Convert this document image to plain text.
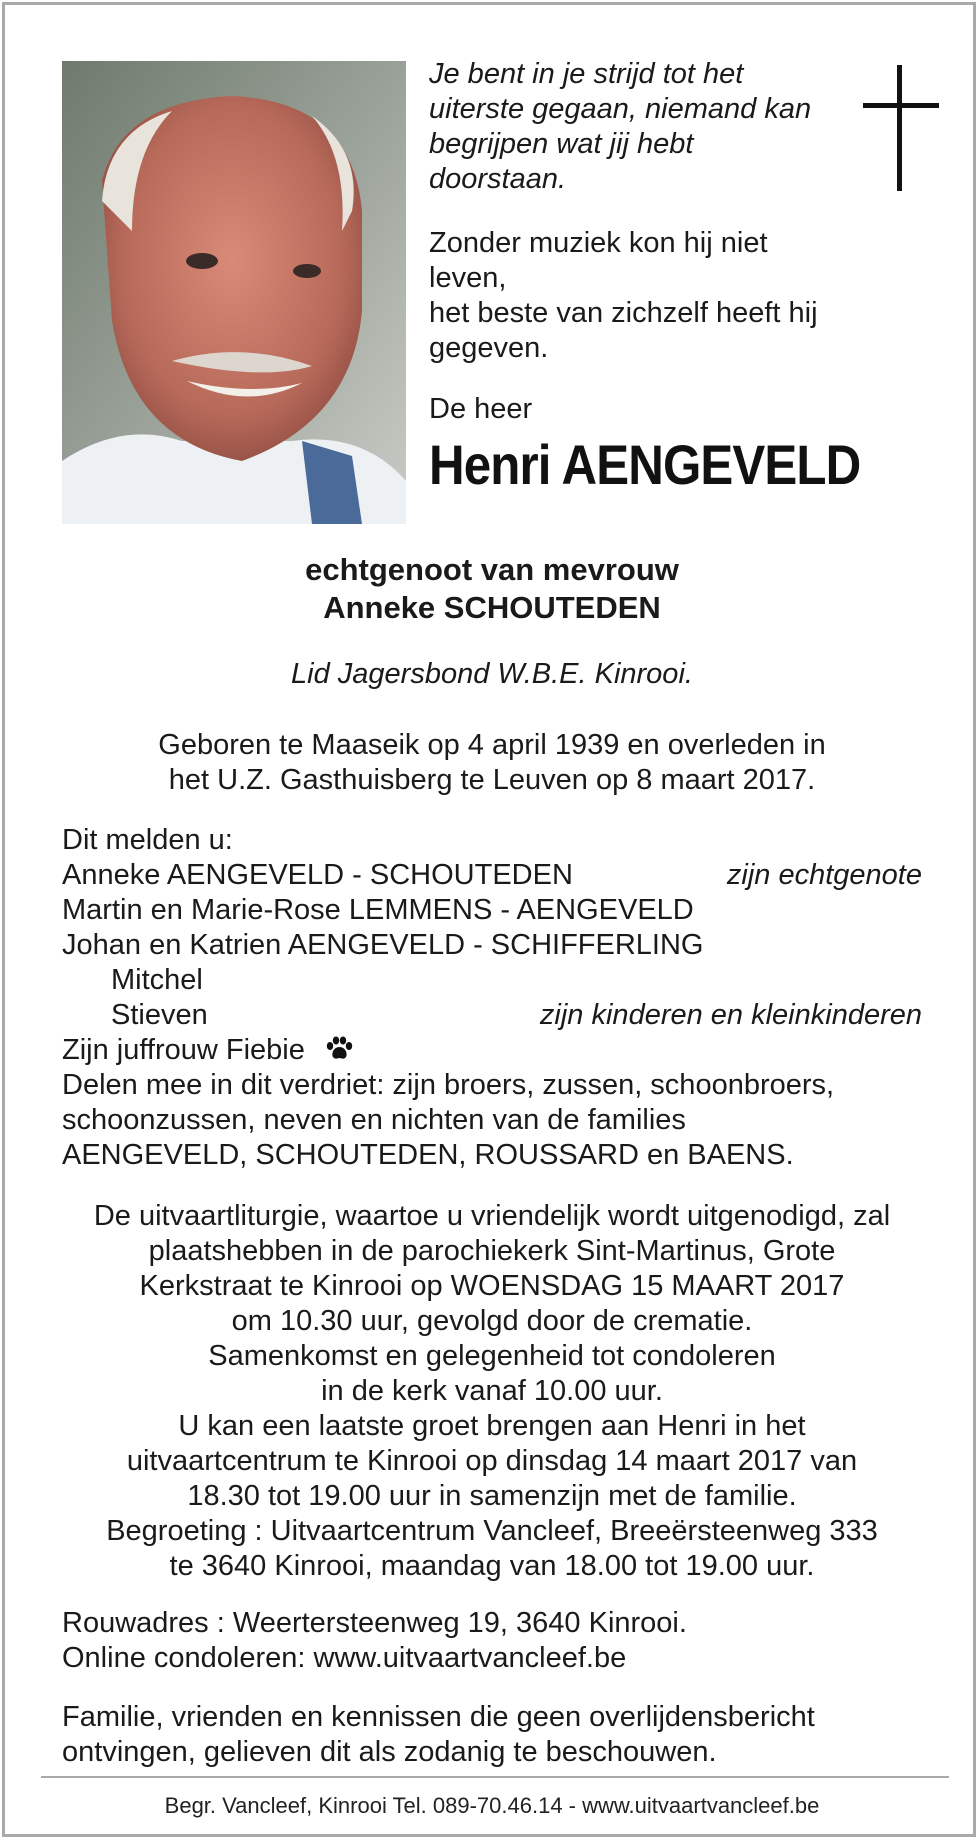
Je bent in je strijd tot het
uiterste gegaan, niemand kan
begrijpen wat jij hebt
doorstaan.

Zonder muziek kon hij niet leven,
het beste van zichzelf heeft hij
gegeven.

De heer

Henri AENGEVELD
echtgenoot van mevrouw
Anneke SCHOUTEDEN
Lid Jagersbond W.B.E. Kinrooi.
Geboren te Maaseik op 4 april 1939 en overleden in
het U.Z. Gasthuisberg te Leuven op 8 maart 2017.
Dit melden u:
Anneke AENGEVELD - SCHOUTEDEN	zijn echtgenote
Martin en Marie-Rose LEMMENS - AENGEVELD
Johan en Katrien AENGEVELD - SCHIFFERLING
Mitchel
Stieven	zijn kinderen en kleinkinderen
Zijn juffrouw Fiebie
Delen mee in dit verdriet: zijn broers, zussen, schoonbroers,
schoonzussen, neven en nichten van de families
AENGEVELD, SCHOUTEDEN, ROUSSARD en BAENS.
De uitvaartliturgie, waartoe u vriendelijk wordt uitgenodigd, zal
plaatshebben in de parochiekerk Sint-Martinus, Grote
Kerkstraat te Kinrooi op WOENSDAG 15 MAART 2017
om 10.30 uur, gevolgd door de crematie.
Samenkomst en gelegenheid tot condoleren
in de kerk vanaf 10.00 uur.
U kan een laatste groet brengen aan Henri in het
uitvaartcentrum te Kinrooi op dinsdag 14 maart 2017 van
18.30 tot 19.00 uur in samenzijn met de familie.
Begroeting : Uitvaartcentrum Vancleef, Breeërsteenweg 333
te 3640 Kinrooi, maandag van 18.00 tot 19.00 uur.
Rouwadres : Weertersteenweg 19, 3640 Kinrooi.
Online condoleren: www.uitvaartvancleef.be
Familie, vrienden en kennissen die geen overlijdensbericht
ontvingen, gelieven dit als zodanig te beschouwen.
Begr. Vancleef, Kinrooi Tel. 089-70.46.14 - www.uitvaartvancleef.be
